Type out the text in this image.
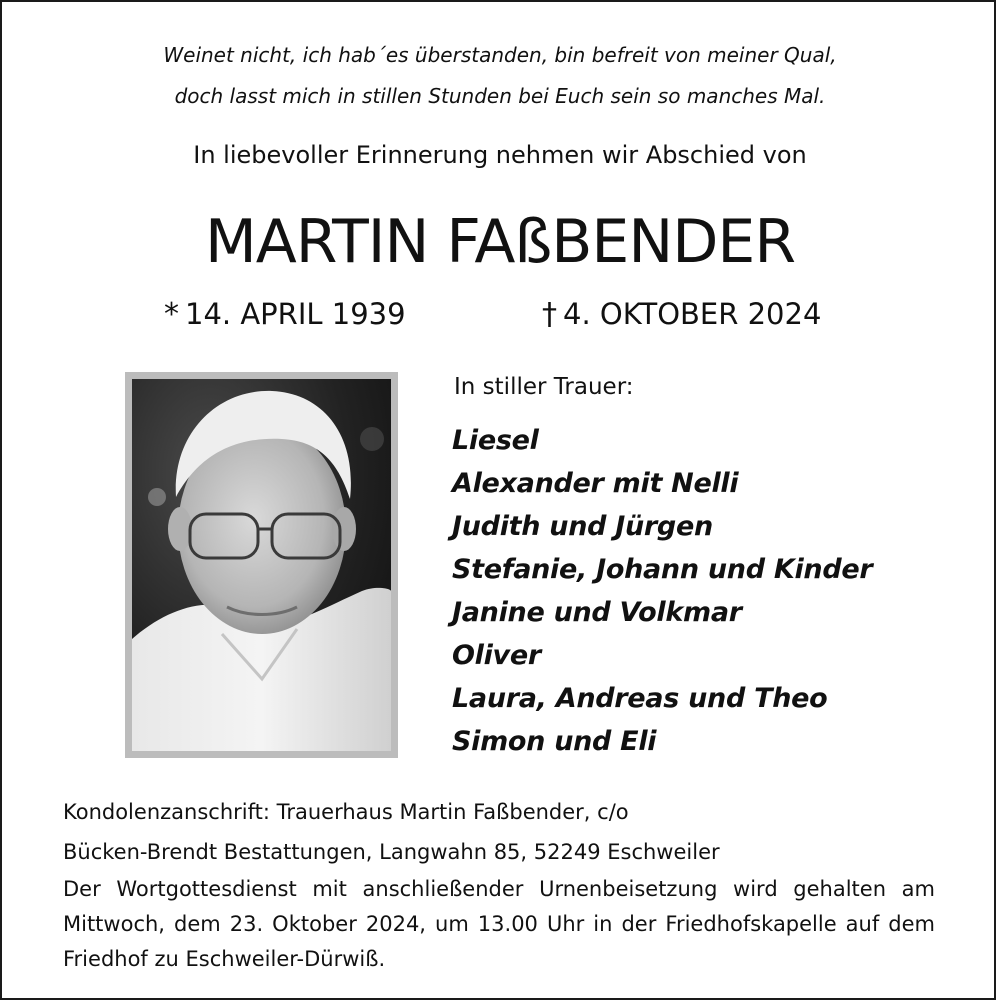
Weinet nicht, ich hab´es überstanden, bin befreit von meiner Qual,
doch lasst mich in stillen Stunden bei Euch sein so manches Mal.
In liebevoller Erinnerung nehmen wir Abschied von
MARTIN FAßBENDER
* 14. APRIL 1939	† 4. OKTOBER 2024
In stiller Trauer:
Liesel
Alexander mit Nelli
Judith und Jürgen
Stefanie, Johann und Kinder
Janine und Volkmar
Oliver
Laura, Andreas und Theo
Simon und Eli
Kondolenzanschrift: Trauerhaus Martin Faßbender, c/o
Bücken-Brendt Bestattungen, Langwahn 85, 52249 Eschweiler
Der Wortgottesdienst mit anschließender Urnenbeisetzung wird gehalten am Mittwoch, dem 23. Oktober 2024, um 13.00 Uhr in der Friedhofskapelle auf dem Friedhof zu Eschweiler-Dürwiß.
